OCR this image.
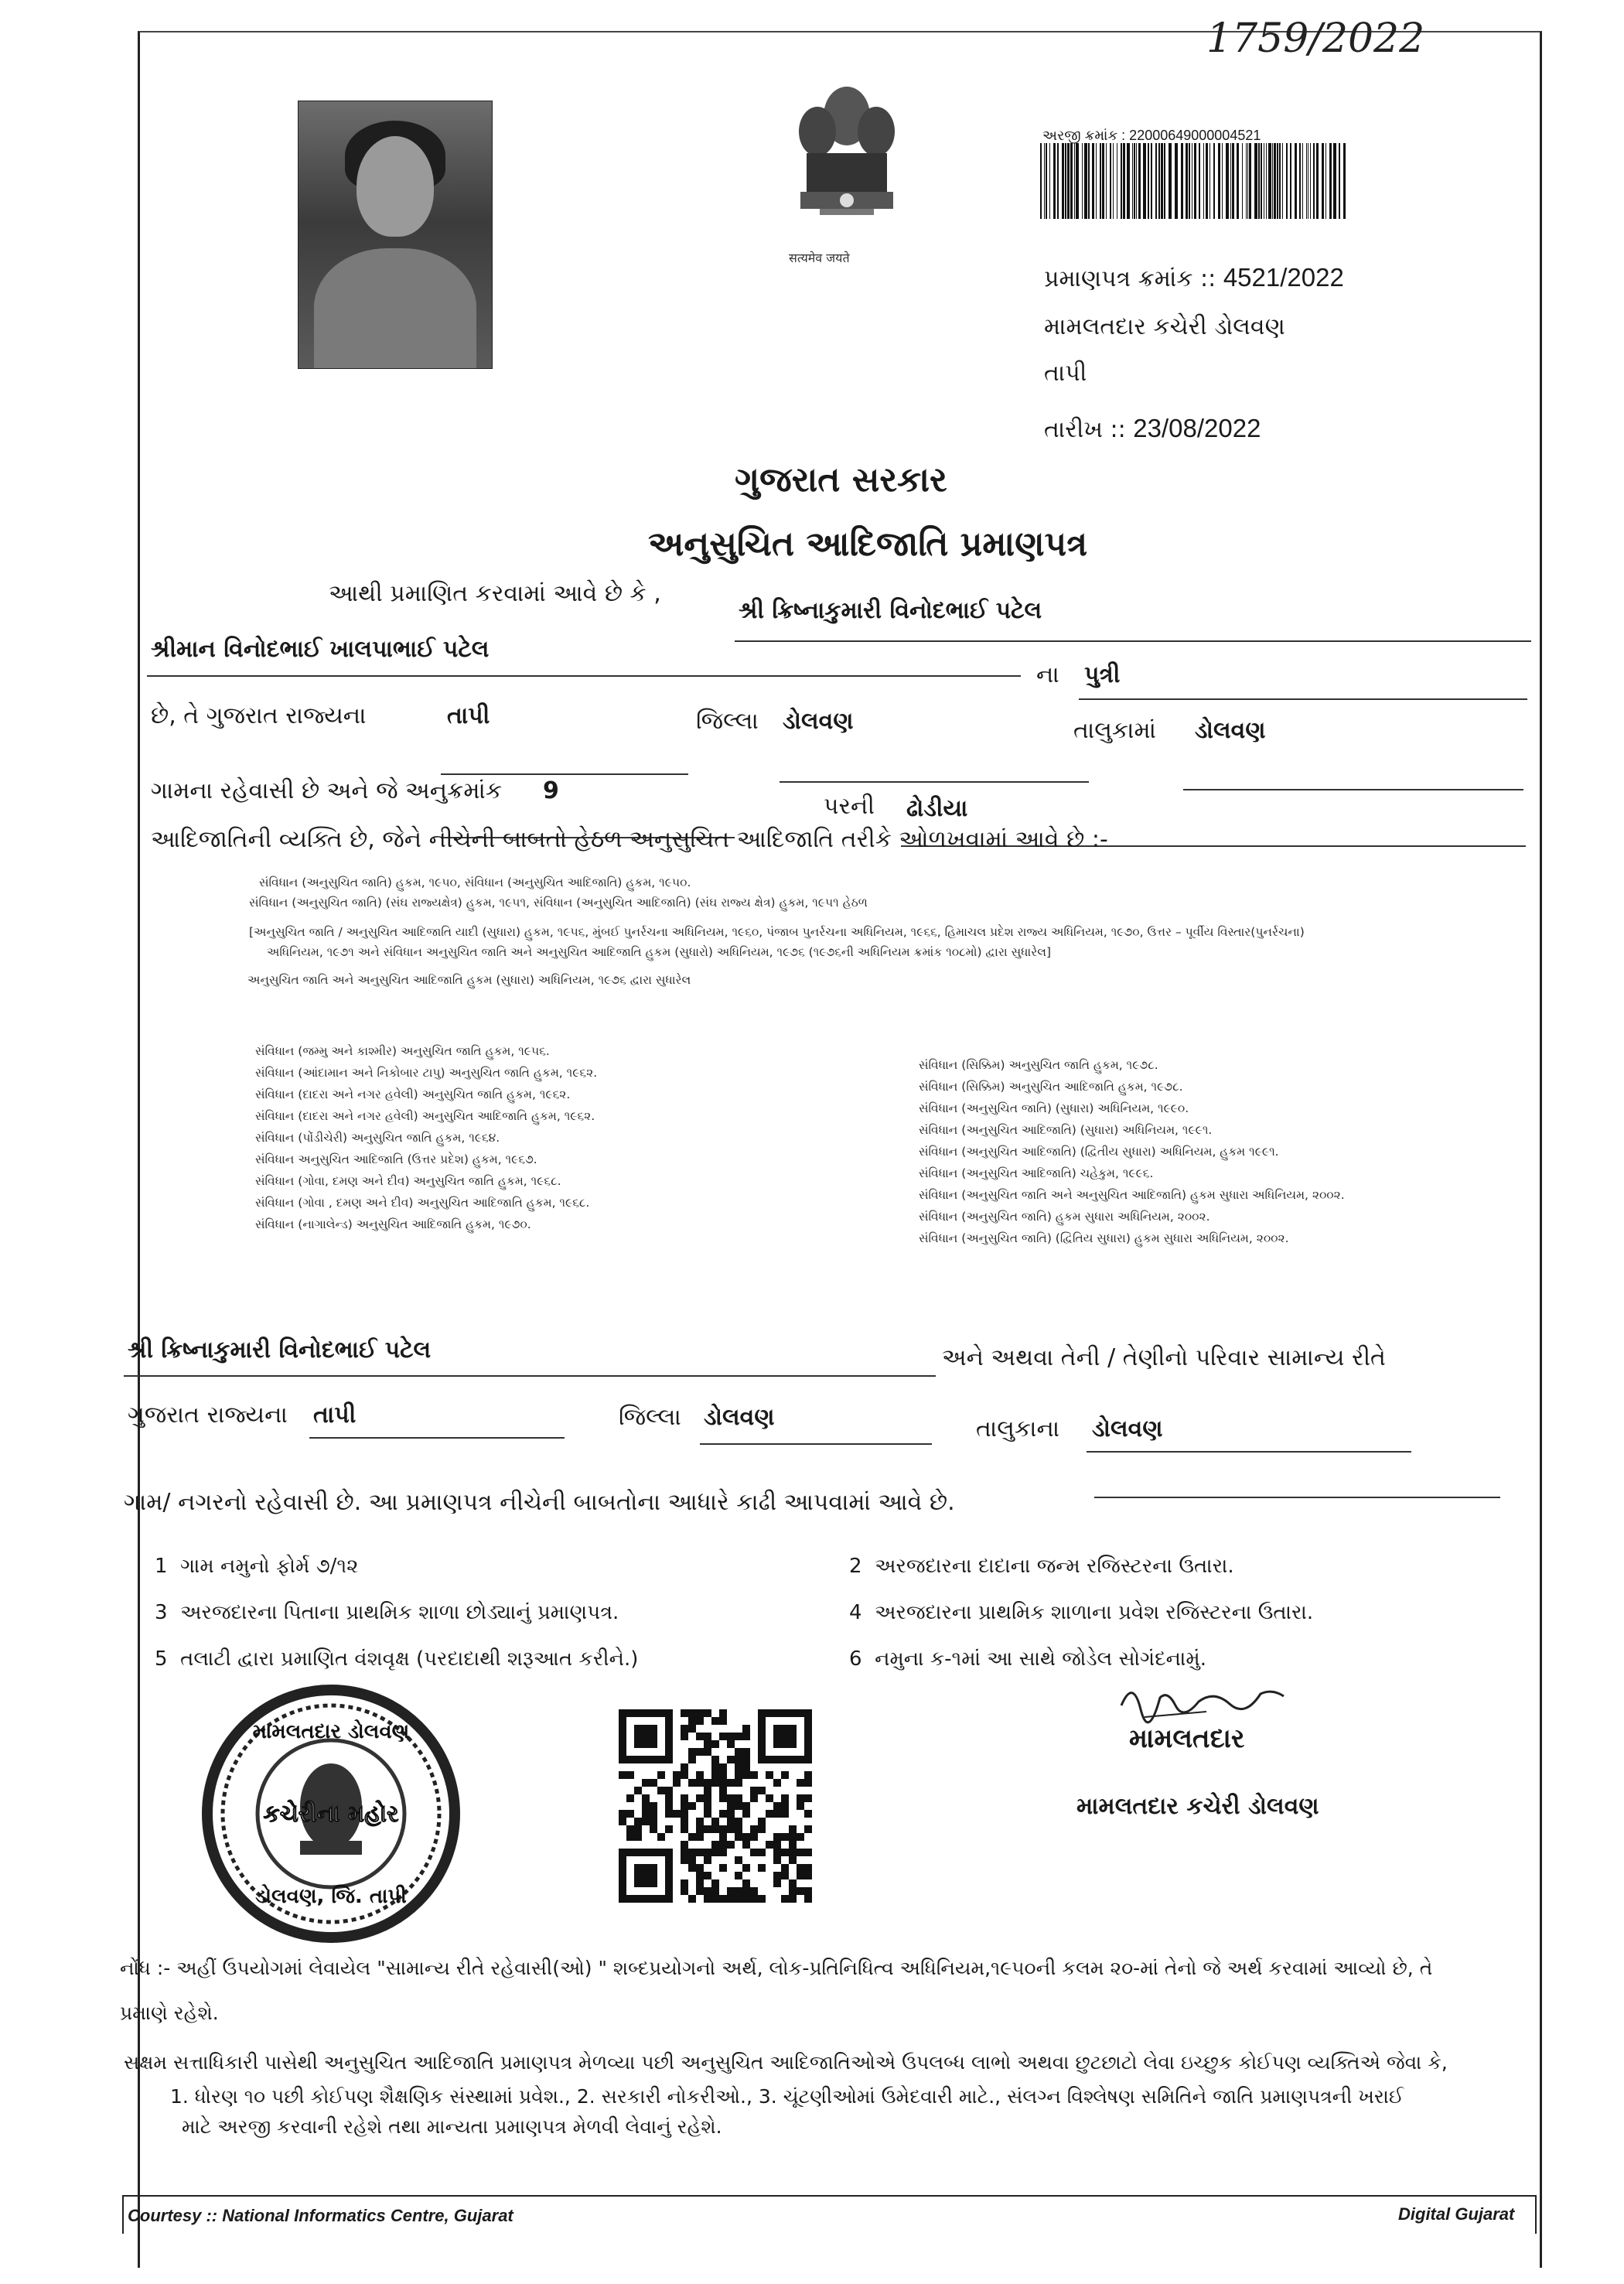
1759/2022
सत्यमेव जयते
અરજી ક્રમાંક : 22000649000004521
પ્રમાણપત્ર ક્રમાંક :: 4521/2022
મામલતદાર કચેરી ડોલવણ
તાપી
તારીખ :: 23/08/2022
ગુજરાત સરકાર
અનુસુચિત આદિજાતિ પ્રમાણપત્ર
આથી પ્રમાણિત કરવામાં આવે છે કે ,
શ્રી ક્રિષ્નાકુમારી વિનોદભાઈ પટેલ
શ્રીમાન વિનોદભાઈ ખાલપાભાઈ પટેલ
ના પુત્રી
છે, તે ગુજરાત રાજ્યના	તાપી	જિલ્લા ડોલવણ	તાલુકામાં ડોલવણ
ગામના રહેવાસી છે અને જે અનુક્રમાંક 9
પરની ઢોડીયા
આદિજાતિની વ્યક્તિ છે, જેને નીચેની બાબતો હેઠળ અનુસુચિત આદિજાતિ તરીકે ઓળખવામાં આવે છે :-
સંવિધાન (અનુસુચિત જાતિ) હુકમ, ૧૯૫૦, સંવિધાન (અનુસુચિત આદિજાતિ) હુકમ, ૧૯૫૦.
સંવિધાન (અનુસુચિત જાતિ) (સંઘ રાજ્યક્ષેત્ર) હુકમ, ૧૯૫૧, સંવિધાન (અનુસુચિત આદિજાતિ) (સંઘ રાજ્ય ક્ષેત્ર) હુકમ, ૧૯૫૧ હેઠળ
[અનુસુચિત જાતિ / અનુસુચિત આદિજાતિ યાદી (સુધારા) હુકમ, ૧૯૫૬, મુંબઈ પુનર્રચના અધિનિયમ, ૧૯૬૦, પંજાબ પુનર્રચના અધિનિયમ, ૧૯૬૬, હિમાચલ પ્રદેશ રાજ્ય અધિનિયમ, ૧૯૭૦, ઉત્તર – પૂર્વીય વિસ્તાર(પુનર્રચના)
અધિનિયમ, ૧૯૭૧ અને સંવિધાન અનુસુચિત જાતિ અને અનુસુચિત આદિજાતિ હુકમ (સુધારો) અધિનિયમ, ૧૯૭૬ (૧૯૭૬ની અધિનિયમ ક્રમાંક ૧૦૮મો) દ્વારા સુધારેલ]
અનુસુચિત જાતિ અને અનુસુચિત આદિજાતિ હુકમ (સુધારા) અધિનિયમ, ૧૯૭૬ દ્વારા સુધારેલ
સંવિધાન (જમ્મુ અને કાશ્મીર) અનુસુચિત જાતિ હુકમ, ૧૯૫૬.
સંવિધાન (આંદામાન અને નિકોબાર ટાપુ) અનુસુચિત જાતિ હુકમ, ૧૯૬૨.
સંવિધાન (દાદરા અને નગર હવેલી) અનુસુચિત જાતિ હુકમ, ૧૯૬૨.
સંવિધાન (દાદરા અને નગર હવેલી) અનુસુચિત આદિજાતિ હુકમ, ૧૯૬૨.
સંવિધાન (પોંડીચેરી) અનુસુચિત જાતિ હુકમ, ૧૯૬૪.
સંવિધાન અનુસુચિત આદિજાતિ (ઉત્તર પ્રદેશ) હુકમ, ૧૯૬૭.
સંવિધાન (ગોવા, દમણ અને દીવ) અનુસુચિત જાતિ હુકમ, ૧૯૬૮.
સંવિધાન (ગોવા , દમણ અને દીવ) અનુસુચિત આદિજાતિ હુકમ, ૧૯૬૮.
સંવિધાન (નાગાલેન્ડ) અનુસુચિત આદિજાતિ હુકમ, ૧૯૭૦.
સંવિધાન (સિક્કિમ) અનુસુચિત જાતિ હુકમ, ૧૯૭૮.
સંવિધાન (સિક્કિમ) અનુસુચિત આદિજાતિ હુકમ, ૧૯૭૮.
સંવિધાન (અનુસુચિત જાતિ) (સુધારા) અધિનિયમ, ૧૯૯૦.
સંવિધાન (અનુસુચિત આદિજાતિ) (સુધારા) અધિનિયમ, ૧૯૯૧.
સંવિધાન (અનુસુચિત આદિજાતિ) (દ્વિતીય સુધારા) અધિનિયમ, હુકમ ૧૯૯૧.
સંવિધાન (અનુસુચિત આદિજાતિ) ચહેકુમ, ૧૯૯૬.
સંવિધાન (અનુસુચિત જાતિ અને અનુસુચિત આદિજાતિ) હુકમ સુધારા અધિનિયમ, ૨૦૦૨.
સંવિધાન (અનુસુચિત જાતિ) હુકમ સુધારા અધિનિયમ, ૨૦૦૨.
સંવિધાન (અનુસુચિત જાતિ) (દ્વિતિય સુધારા) હુકમ સુધારા અધિનિયમ, ૨૦૦૨.
શ્રી ક્રિષ્નાકુમારી વિનોદભાઈ પટેલ	અને અથવા તેની / તેણીનો પરિવાર સામાન્ય રીતે
ગુજરાત રાજ્યના તાપી	જિલ્લા ડોલવણ	તાલુકાના ડોલવણ
ગામ/ નગરનો રહેવાસી છે. આ પ્રમાણપત્ર નીચેની બાબતોના આધારે કાઢી આપવામાં આવે છે.
1 ગામ નમુનો ફોર્મ ૭/૧૨	2 અરજદારના દાદાના જન્મ રજિસ્ટરના ઉતારા.
3 અરજદારના પિતાના પ્રાથમિક શાળા છોડ્યાનું પ્રમાણપત્ર.	4 અરજદારના પ્રાથમિક શાળાના પ્રવેશ રજિસ્ટરના ઉતારા.
5 તલાટી દ્વારા પ્રમાણિત વંશવૃક્ષ (પરદાદાથી શરૂઆત કરીને.)	6 નમુના ક-૧માં આ સાથે જોડેલ સોગંદનામું.
મામલતદાર ડોલવણ
કચેરીના મહોર
ડોલવણ, જિ. તાપી
મામલતદાર
મામલતદાર કચેરી ડોલવણ
નોંધ :- અહીં ઉપયોગમાં લેવાયેલ "સામાન્ય રીતે રહેવાસી(ઓ) " શબ્દપ્રયોગનો અર્થ, લોક-પ્રતિનિધિત્વ અધિનિયમ,૧૯૫૦ની કલમ ૨૦-માં તેનો જે અર્થ કરવામાં આવ્યો છે, તે
પ્રમાણે રહેશે.
સક્ષમ સત્તાધિકારી પાસેથી અનુસુચિત આદિજાતિ પ્રમાણપત્ર મેળવ્યા પછી અનુસુચિત આદિજાતિઓએ ઉપલબ્ધ લાભો અથવા છુટછાટો લેવા ઇચ્છુક કોઈપણ વ્યક્તિએ જેવા કે,
1. ધોરણ ૧૦ પછી કોઈપણ શૈક્ષણિક સંસ્થામાં પ્રવેશ., 2. સરકારી નોકરીઓ., 3. ચૂંટણીઓમાં ઉમેદવારી માટે., સંલગ્ન વિશ્લેષણ સમિતિને જાતિ પ્રમાણપત્રની ખરાઈ
માટે અરજી કરવાની રહેશે તથા માન્યતા પ્રમાણપત્ર મેળવી લેવાનું રહેશે.
Courtesy :: National Informatics Centre, Gujarat	Digital Gujarat
